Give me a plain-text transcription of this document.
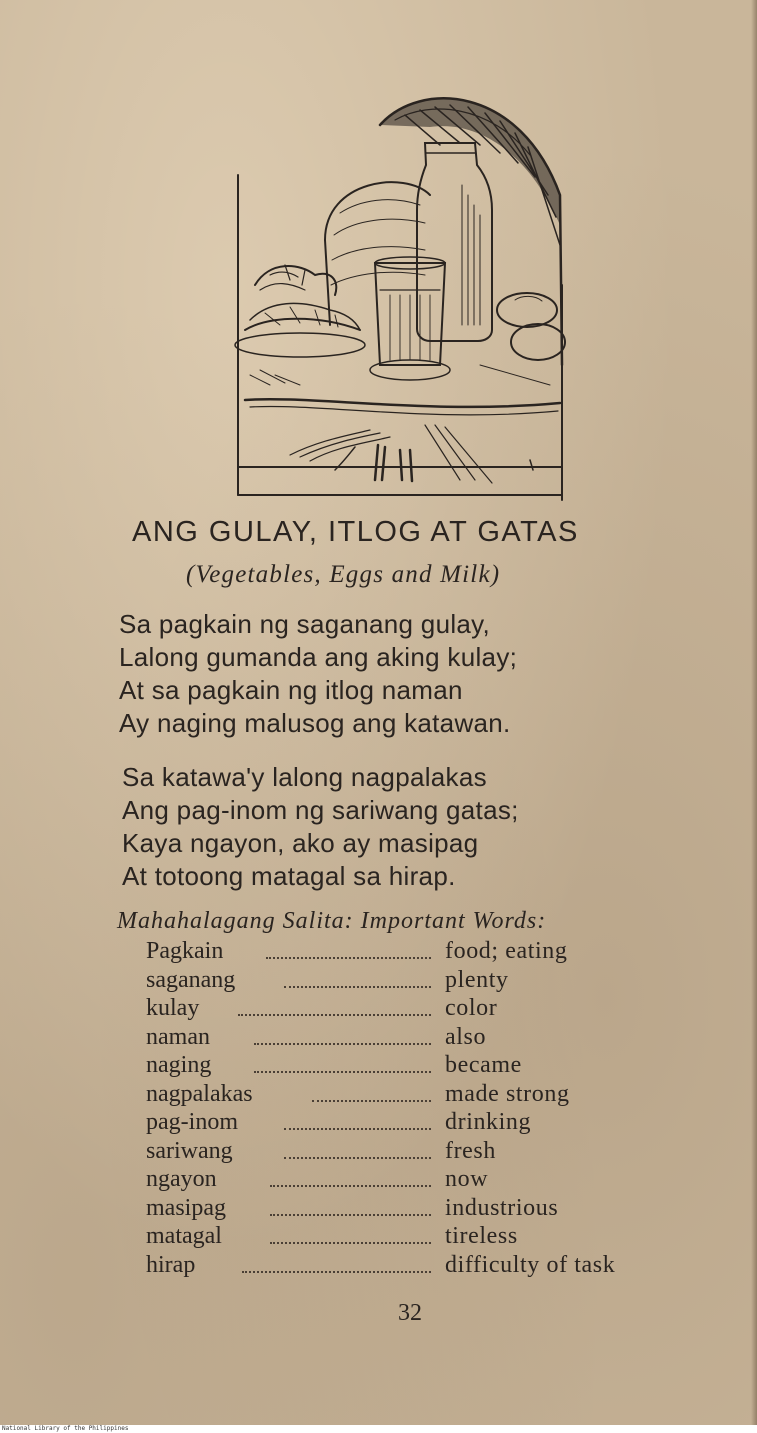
ANG GULAY, ITLOG AT GATAS
(Vegetables, Eggs and Milk)
Sa pagkain ng saganang gulay,
Lalong gumanda ang aking kulay;
At sa pagkain ng itlog naman
Ay naging malusog ang katawan.
Sa katawa'y lalong nagpalakas
Ang pag-inom ng sariwang gatas;
Kaya ngayon, ako ay masipag
At totoong matagal sa hirap.
Mahahalagang Salita: Important Words:
Pagkain	food; eating
saganang	plenty
kulay	color
naman	also
naging	became
nagpalakas	made strong
pag-inom	drinking
sariwang	fresh
ngayon	now
masipag	industrious
matagal	tireless
hirap	difficulty of task
32
National Library of the Philippines
